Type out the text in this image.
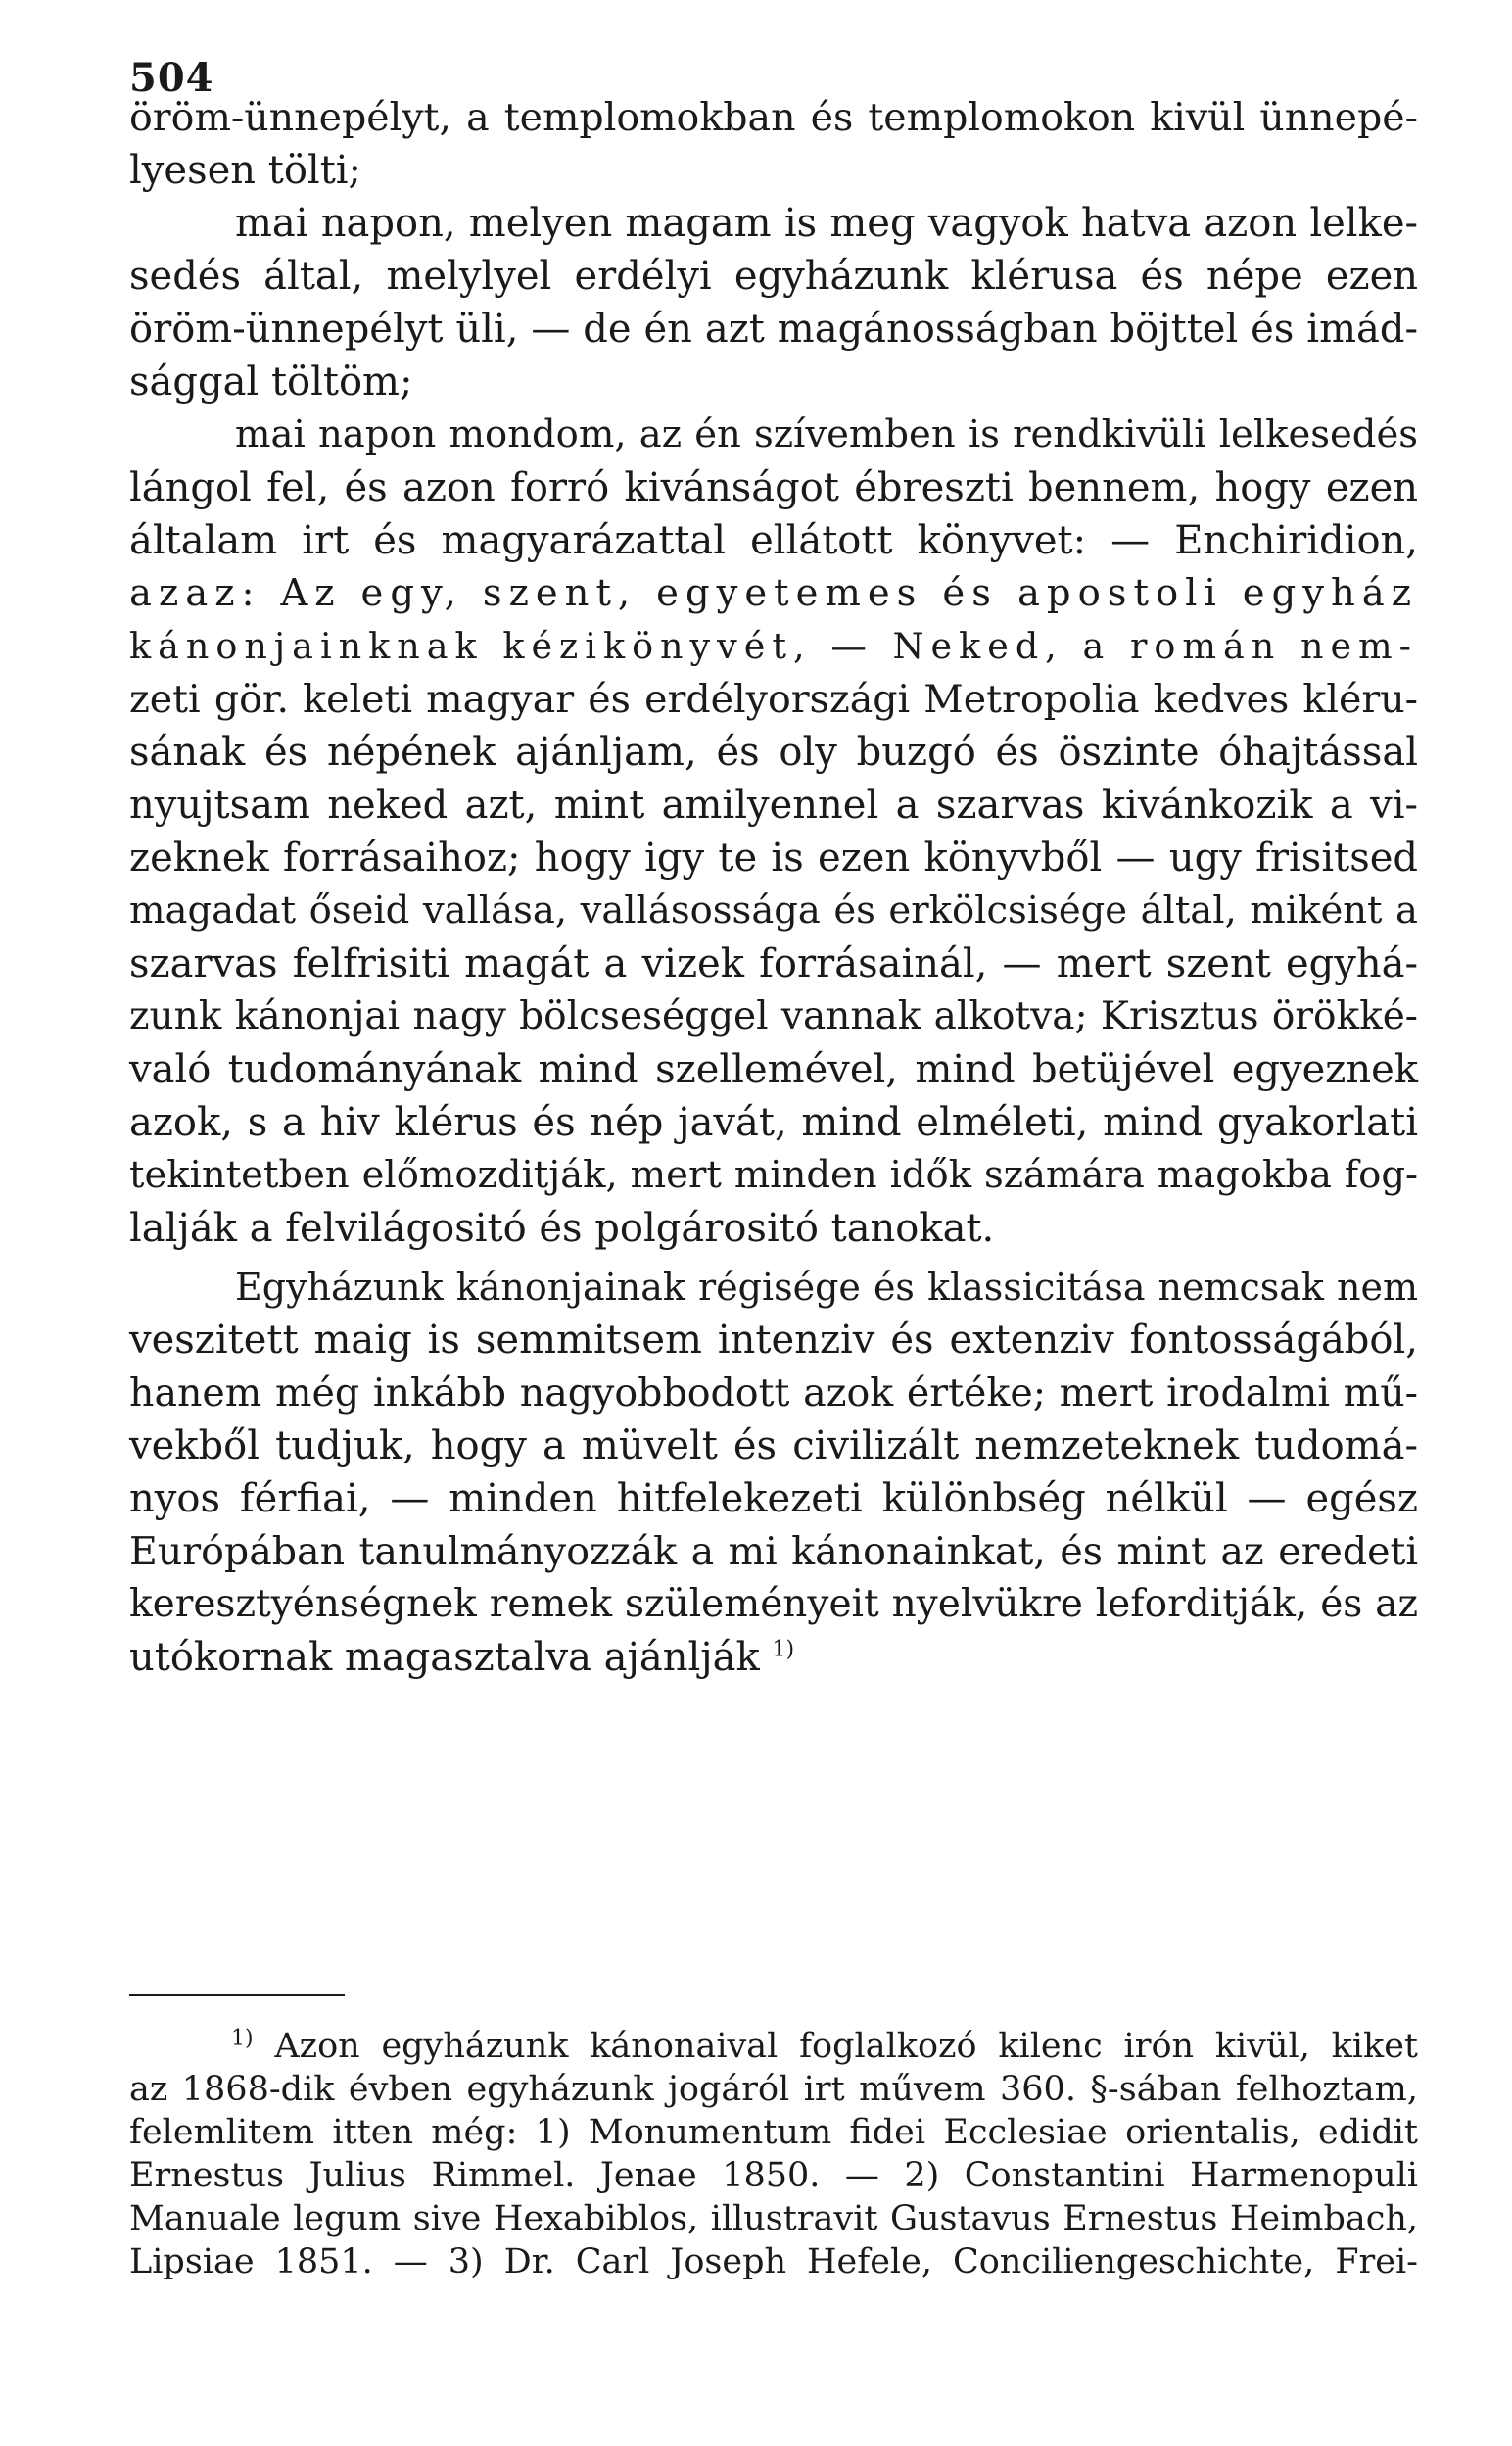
504
öröm-ünnepélyt, a templomokban és templomokon kivül ünnepé-
lyesen tölti;
mai napon, melyen magam is meg vagyok hatva azon lelke-
sedés által, melylyel erdélyi egyházunk klérusa és népe ezen
öröm-ünnepélyt üli, — de én azt magánosságban böjttel és imád-
sággal töltöm;
mai napon mondom, az én szívemben is rendkivüli lelkesedés
lángol fel, és azon forró kivánságot ébreszti bennem, hogy ezen
általam irt és magyarázattal ellátott könyvet: — Enchiridion,
azaz: Az egy, szent, egyetemes és apostoli egyház
kánonjainknak kézikönyvét, — Neked, a román nem-
zeti gör. keleti magyar és erdélyországi Metropolia kedves kléru-
sának és népének ajánljam, és oly buzgó és öszinte óhajtással
nyujtsam neked azt, mint amilyennel a szarvas kivánkozik a vi-
zeknek forrásaihoz; hogy igy te is ezen könyvből — ugy frisitsed
magadat őseid vallása, vallásossága és erkölcsisége által, miként a
szarvas felfrisiti magát a vizek forrásainál, — mert szent egyhá-
zunk kánonjai nagy bölcseséggel vannak alkotva; Krisztus örökké-
való tudományának mind szellemével, mind betüjével egyeznek
azok, s a hiv klérus és nép javát, mind elméleti, mind gyakorlati
tekintetben előmozditják, mert minden idők számára magokba fog-
lalják a felvilágositó és polgárositó tanokat.
Egyházunk kánonjainak régisége és klassicitása nemcsak nem
veszitett maig is semmitsem intenziv és extenziv fontosságából,
hanem még inkább nagyobbodott azok értéke; mert irodalmi mű-
vekből tudjuk, hogy a müvelt és civilizált nemzeteknek tudomá-
nyos férfiai, — minden hitfelekezeti különbség nélkül — egész
Európában tanulmányozzák a mi kánonainkat, és mint az eredeti
keresztyénségnek remek szüleményeit nyelvükre leforditják, és az
utókornak magasztalva ajánlják $^{1)}$
$^{1)}$ Azon egyházunk kánonaival foglalkozó kilenc irón kivül, kiket
az 1868-dik évben egyházunk jogáról irt művem 360. §-sában felhoztam,
felemlitem itten még: 1) Monumentum fidei Ecclesiae orientalis, edidit
Ernestus Julius Rimmel. Jenae 1850. — 2) Constantini Harmenopuli
Manuale legum sive Hexabiblos, illustravit Gustavus Ernestus Heimbach,
Lipsiae 1851. — 3) Dr. Carl Joseph Hefele, Conciliengeschichte, Frei-
